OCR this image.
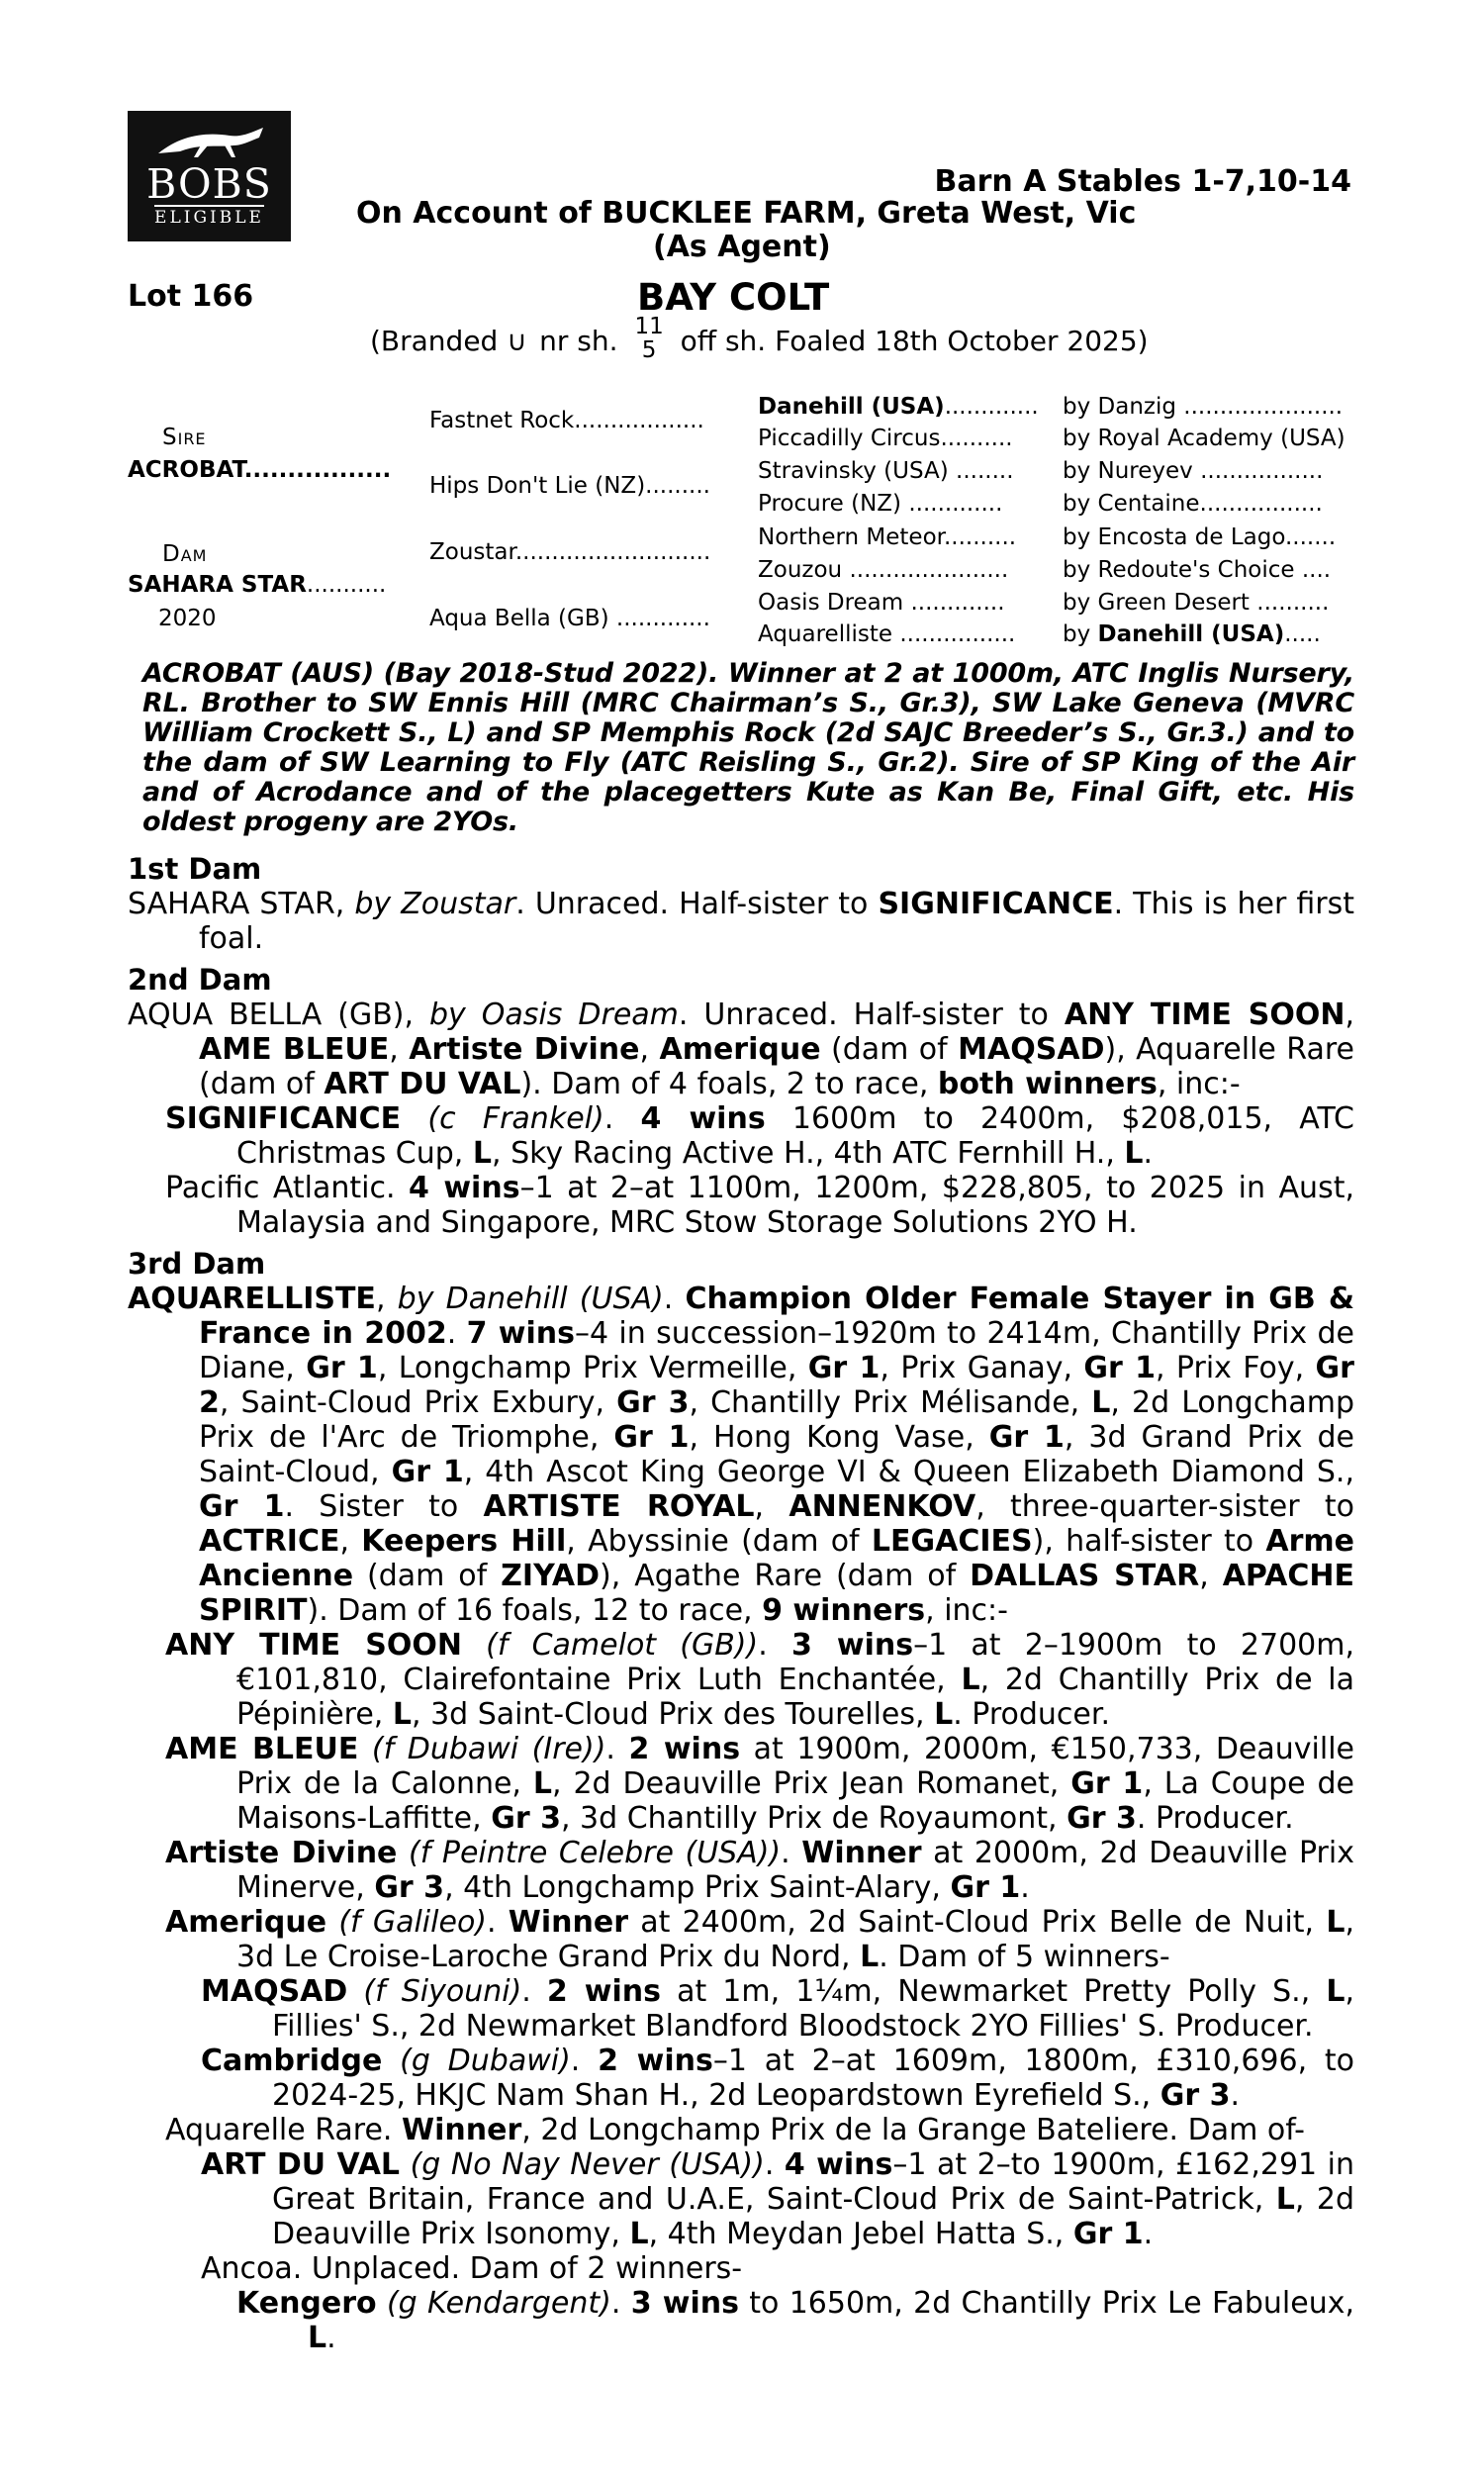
BOBS
ELIGIBLE
Barn A Stables 1-7,10-14
On Account of BUCKLEE FARM, Greta West, Vic
(As Agent)
Lot 166	BAY COLT
(Branded ∪ nr sh. 11
5 off sh. Foaled 18th October 2025)
Sire
ACROBAT.................
Dam
SAHARA STAR...........
2020
Fastnet Rock..................
Hips Don't Lie (NZ).........
Zoustar...........................
Aqua Bella (GB) .............
Danehill (USA).............
Piccadilly Circus..........
Stravinsky (USA) ........
Procure (NZ) .............
Northern Meteor..........
Zouzou ......................
Oasis Dream .............
Aquarelliste ................
by Danzig ......................
by Royal Academy (USA)
by Nureyev .................
by Centaine.................
by Encosta de Lago.......
by Redoute's Choice ....
by Green Desert ..........
by Danehill (USA).....

ACROBAT (AUS) (Bay 2018-Stud 2022). Winner at 2 at 1000m, ATC Inglis Nursery, RL. Brother to SW Ennis Hill (MRC Chairman’s S., Gr.3), SW Lake Geneva (MVRC William Crockett S., L) and SP Memphis Rock (2d SAJC Breeder’s S., Gr.3.) and to the dam of SW Learning to Fly (ATC Reisling S., Gr.2). Sire of SP King of the Air and of Acrodance and of the placegetters Kute as Kan Be, Final Gift, etc. His oldest progeny are 2YOs.

1st Dam

SAHARA STAR, by Zoustar. Unraced. Half-sister to SIGNIFICANCE. This is her first foal.

2nd Dam

AQUA BELLA (GB), by Oasis Dream. Unraced. Half-sister to ANY TIME SOON, AME BLEUE, Artiste Divine, Amerique (dam of MAQSAD), Aquarelle Rare (dam of ART DU VAL). Dam of 4 foals, 2 to race, both winners, inc:-

SIGNIFICANCE (c Frankel). 4 wins 1600m to 2400m, $208,015, ATC Christmas Cup, L, Sky Racing Active H., 4th ATC Fernhill H., L.

Pacific Atlantic. 4 wins–1 at 2–at 1100m, 1200m, $228,805, to 2025 in Aust, Malaysia and Singapore, MRC Stow Storage Solutions 2YO H.

3rd Dam

AQUARELLISTE, by Danehill (USA). Champion Older Female Stayer in GB & France in 2002. 7 wins–4 in succession–1920m to 2414m, Chantilly Prix de Diane, Gr 1, Longchamp Prix Vermeille, Gr 1, Prix Ganay, Gr 1, Prix Foy, Gr 2, Saint-Cloud Prix Exbury, Gr 3, Chantilly Prix Mélisande, L, 2d Longchamp Prix de l'Arc de Triomphe, Gr 1, Hong Kong Vase, Gr 1, 3d Grand Prix de Saint-Cloud, Gr 1, 4th Ascot King George VI & Queen Elizabeth Diamond S., Gr 1. Sister to ARTISTE ROYAL, ANNENKOV, three-quarter-sister to ACTRICE, Keepers Hill, Abyssinie (dam of LEGACIES), half-sister to Arme Ancienne (dam of ZIYAD), Agathe Rare (dam of DALLAS STAR, APACHE SPIRIT). Dam of 16 foals, 12 to race, 9 winners, inc:-

ANY TIME SOON (f Camelot (GB)). 3 wins–1 at 2–1900m to 2700m, €101,810, Clairefontaine Prix Luth Enchantée, L, 2d Chantilly Prix de la Pépinière, L, 3d Saint-Cloud Prix des Tourelles, L. Producer.

AME BLEUE (f Dubawi (Ire)). 2 wins at 1900m, 2000m, €150,733, Deauville Prix de la Calonne, L, 2d Deauville Prix Jean Romanet, Gr 1, La Coupe de Maisons-Laffitte, Gr 3, 3d Chantilly Prix de Royaumont, Gr 3. Producer.

Artiste Divine (f Peintre Celebre (USA)). Winner at 2000m, 2d Deauville Prix Minerve, Gr 3, 4th Longchamp Prix Saint-Alary, Gr 1.

Amerique (f Galileo). Winner at 2400m, 2d Saint-Cloud Prix Belle de Nuit, L, 3d Le Croise-Laroche Grand Prix du Nord, L. Dam of 5 winners-

MAQSAD (f Siyouni). 2 wins at 1m, 1¼m, Newmarket Pretty Polly S., L, Fillies' S., 2d Newmarket Blandford Bloodstock 2YO Fillies' S. Producer.

Cambridge (g Dubawi). 2 wins–1 at 2–at 1609m, 1800m, £310,696, to 2024-25, HKJC Nam Shan H., 2d Leopardstown Eyrefield S., Gr 3.

Aquarelle Rare. Winner, 2d Longchamp Prix de la Grange Bateliere. Dam of-

ART DU VAL (g No Nay Never (USA)). 4 wins–1 at 2–to 1900m, £162,291 in Great Britain, France and U.A.E, Saint-Cloud Prix de Saint-Patrick, L, 2d Deauville Prix Isonomy, L, 4th Meydan Jebel Hatta S., Gr 1.

Ancoa. Unplaced. Dam of 2 winners-

Kengero (g Kendargent). 3 wins to 1650m, 2d Chantilly Prix Le Fabuleux, L.
